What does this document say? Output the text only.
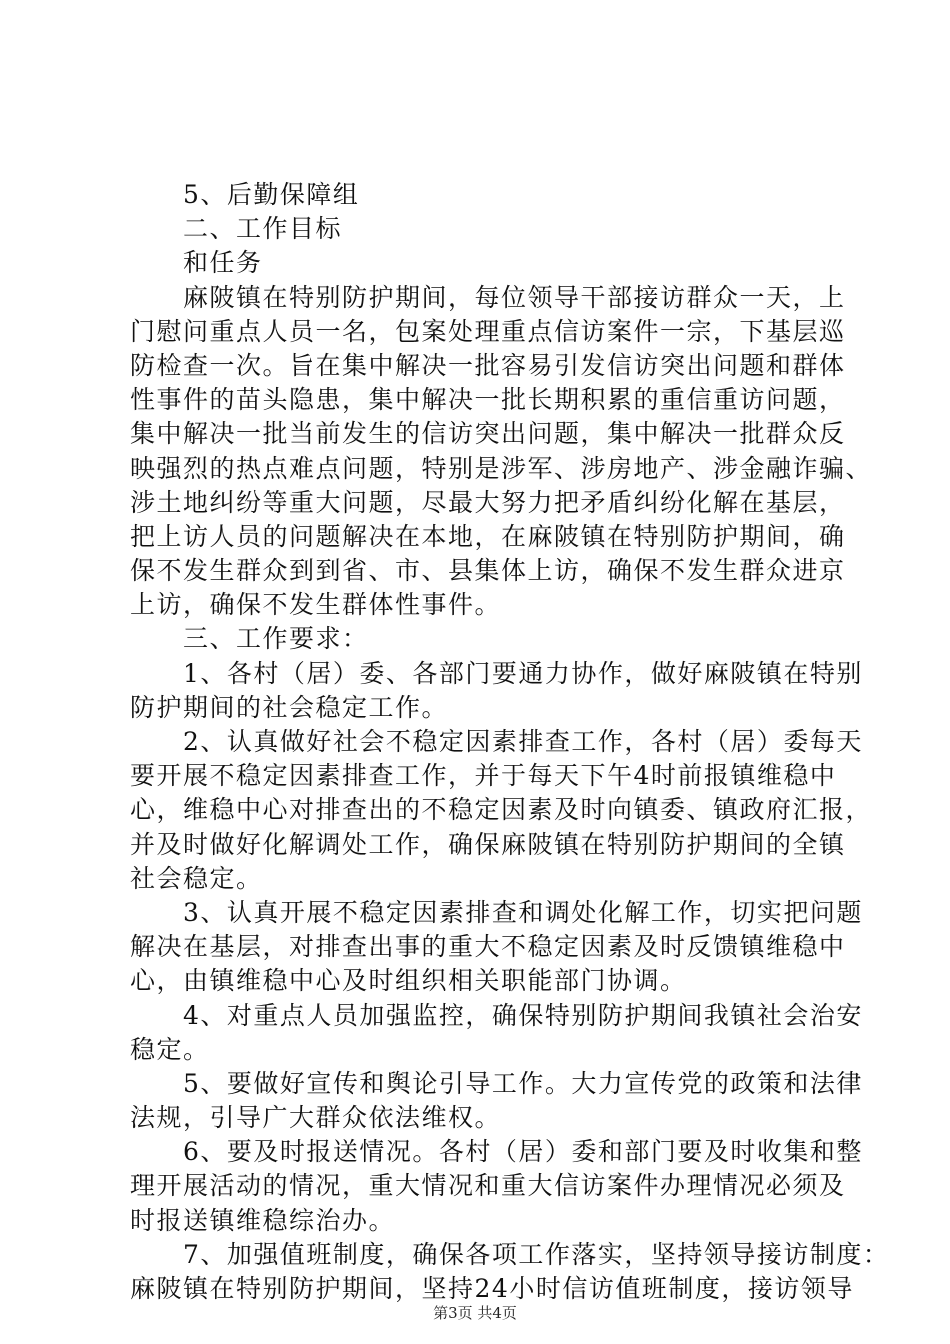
　　5、后勤保障组
　　二、工作目标
　　和任务
　　麻陂镇在特别防护期间，每位领导干部接访群众一天，上
门慰问重点人员一名，包案处理重点信访案件一宗，下基层巡
防检查一次。旨在集中解决一批容易引发信访突出问题和群体
性事件的苗头隐患，集中解决一批长期积累的重信重访问题，
集中解决一批当前发生的信访突出问题，集中解决一批群众反
映强烈的热点难点问题，特别是涉军、涉房地产、涉金融诈骗、
涉土地纠纷等重大问题，尽最大努力把矛盾纠纷化解在基层，
把上访人员的问题解决在本地，在麻陂镇在特别防护期间，确
保不发生群众到到省、市、县集体上访，确保不发生群众进京
上访，确保不发生群体性事件。
　　三、工作要求：
　　1、各村（居）委、各部门要通力协作，做好麻陂镇在特别
防护期间的社会稳定工作。
　　2、认真做好社会不稳定因素排查工作，各村（居）委每天
要开展不稳定因素排查工作，并于每天下午4时前报镇维稳中
心，维稳中心对排查出的不稳定因素及时向镇委、镇政府汇报，
并及时做好化解调处工作，确保麻陂镇在特别防护期间的全镇
社会稳定。
　　3、认真开展不稳定因素排查和调处化解工作，切实把问题
解决在基层，对排查出事的重大不稳定因素及时反馈镇维稳中
心，由镇维稳中心及时组织相关职能部门协调。
　　4、对重点人员加强监控，确保特别防护期间我镇社会治安
稳定。
　　5、要做好宣传和舆论引导工作。大力宣传党的政策和法律
法规，引导广大群众依法维权。
　　6、要及时报送情况。各村（居）委和部门要及时收集和整
理开展活动的情况，重大情况和重大信访案件办理情况必须及
时报送镇维稳综治办。
　　7、加强值班制度，确保各项工作落实，坚持领导接访制度：
麻陂镇在特别防护期间，坚持24小时信访值班制度，接访领导
第3页 共4页
